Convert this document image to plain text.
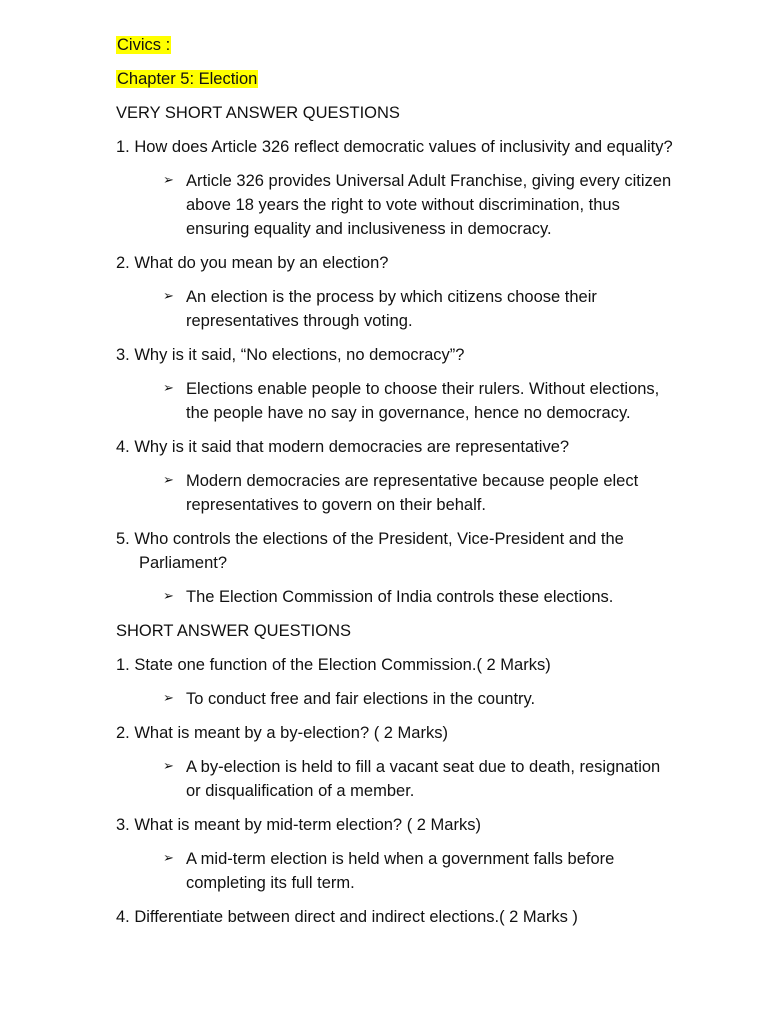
Civics :
Chapter 5: Election
VERY SHORT ANSWER QUESTIONS
1. How does Article 326 reflect democratic values of inclusivity and equality?
➢ Article 326 provides Universal Adult Franchise, giving every citizen above 18 years the right to vote without discrimination, thus ensuring equality and inclusiveness in democracy.
2. What do you mean by an election?
➢ An election is the process by which citizens choose their representatives through voting.
3. Why is it said, “No elections, no democracy”?
➢ Elections enable people to choose their rulers. Without elections, the people have no say in governance, hence no democracy.
4. Why is it said that modern democracies are representative?
➢ Modern democracies are representative because people elect representatives to govern on their behalf.
5. Who controls the elections of the President, Vice-President and the Parliament?
➢ The Election Commission of India controls these elections.
SHORT ANSWER QUESTIONS
1. State one function of the Election Commission.( 2 Marks)
➢ To conduct free and fair elections in the country.
2. What is meant by a by-election? ( 2 Marks)
➢ A by-election is held to fill a vacant seat due to death, resignation or disqualification of a member.
3. What is meant by mid-term election? ( 2 Marks)
➢ A mid-term election is held when a government falls before completing its full term.
4. Differentiate between direct and indirect elections.( 2 Marks )
